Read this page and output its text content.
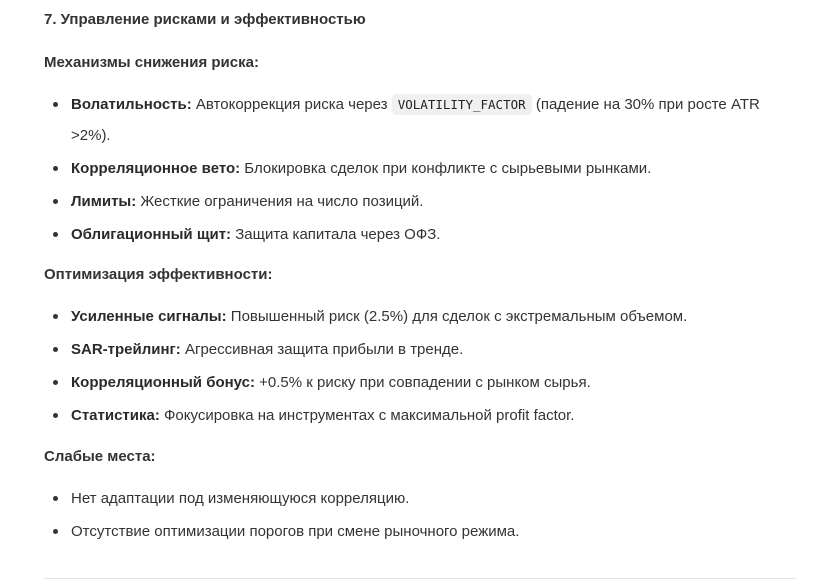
7. Управление рисками и эффективностью
Механизмы снижения риска:
Волатильность: Автокоррекция риска через VOLATILITY_FACTOR (падение на 30% при росте ATR >2%).
Корреляционное вето: Блокировка сделок при конфликте с сырьевыми рынками.
Лимиты: Жесткие ограничения на число позиций.
Облигационный щит: Защита капитала через ОФЗ.
Оптимизация эффективности:
Усиленные сигналы: Повышенный риск (2.5%) для сделок с экстремальным объемом.
SAR-трейлинг: Агрессивная защита прибыли в тренде.
Корреляционный бонус: +0.5% к риску при совпадении с рынком сырья.
Статистика: Фокусировка на инструментах с максимальной profit factor.
Слабые места:
Нет адаптации под изменяющуюся корреляцию.
Отсутствие оптимизации порогов при смене рыночного режима.
